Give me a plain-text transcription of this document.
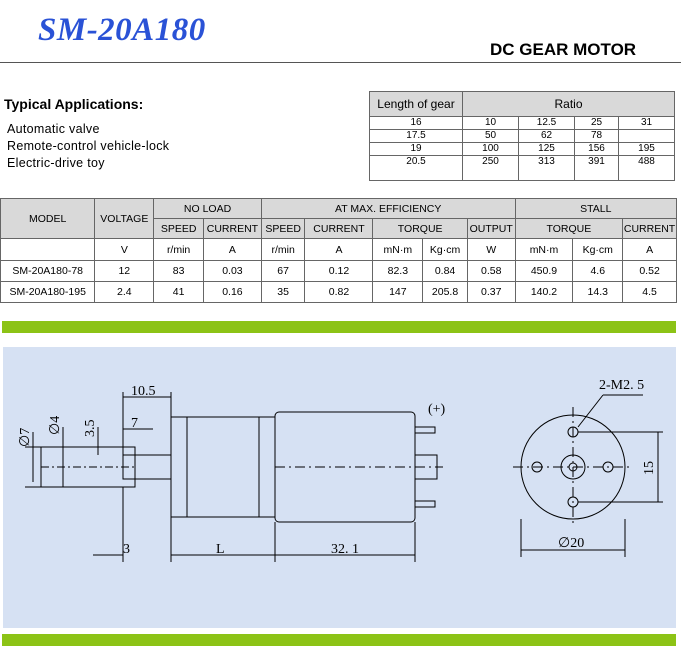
SM-20A180
DC GEAR MOTOR
Typical Applications:
Automatic valve
Remote-control vehicle-lock
Electric-drive toy
Length of gear	Ratio			
16	10	12.5	25	31
17.5	50	62	78	
19	100	125	156	195
20.5	250	313	391	488
MODEL	VOLTAGE	NO LOAD		AT MAX. EFFICIENCY					STALL		
		SPEED	CURRENT	SPEED	CURRENT	TORQUE		OUTPUT	TORQUE		CURRENT
	V	r/min	A	r/min	A	mN·m	Kg·cm	W	mN·m	Kg·cm	A
SM-20A180-78	12	83	0.03	67	0.12	82.3	0.84	0.58	450.9	4.6	0.52
SM-20A180-195	2.4	41	0.16	35	0.82	147	205.8	0.37	140.2	14.3	4.5
10.5
7
∅7
∅4 3.5
3	L	32. 1
(+)
2-M2. 5
15
∅20
